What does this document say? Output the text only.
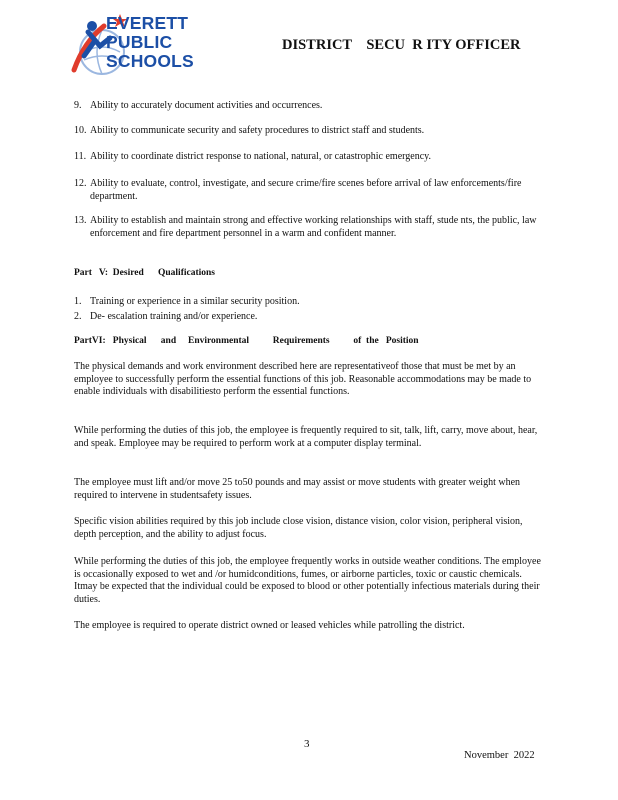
EVERETT
PUBLIC
SCHOOLS
DISTRICT    SECU  R ITY OFFICER
9. Ability to accurately document activities and occurrences.
10. Ability to communicate security and safety procedures to district staff and students.
11. Ability to coordinate district response to national, natural, or catastrophic emergency.
12. Ability to evaluate, control, investigate, and secure crime/fire scenes before arrival of law enforcements/fire department.
13. Ability to establish and maintain strong and effective working relationships with staff, stude nts, the public, law enforcement and fire department personnel in a warm and confident manner.
Part   V:  Desired      Qualifications
1. Training or experience in a similar security position.
2. De- escalation training and/or experience.
PartVI:   Physical      and     Environmental          Requirements          of  the   Position

The physical demands and work environment described here are representativeof those that must be met by an employee to successfully perform the essential functions of this job. Reasonable accommodations may be made to enable individuals with disabilitiesto perform the essential functions.

While performing the duties of this job, the employee is frequently required to sit, talk, lift, carry, move about, hear, and speak. Employee may be required to perform work at a computer display terminal.

The employee must lift and/or move 25 to50 pounds and may assist or move students with greater weight when required to intervene in studentsafety issues.

Specific vision abilities required by this job include close vision, distance vision, color vision, peripheral vision, depth perception, and the ability to adjust focus.

While performing the duties of this job, the employee frequently works in outside weather conditions. The employee is occasionally exposed to wet and /or humidconditions, fumes, or airborne particles, toxic or caustic chemicals. Itmay be expected that the individual could be exposed to blood or other potentially infectious materials during their duties.

The employee is required to operate district owned or leased vehicles while patrolling the district.

3
November  2022
